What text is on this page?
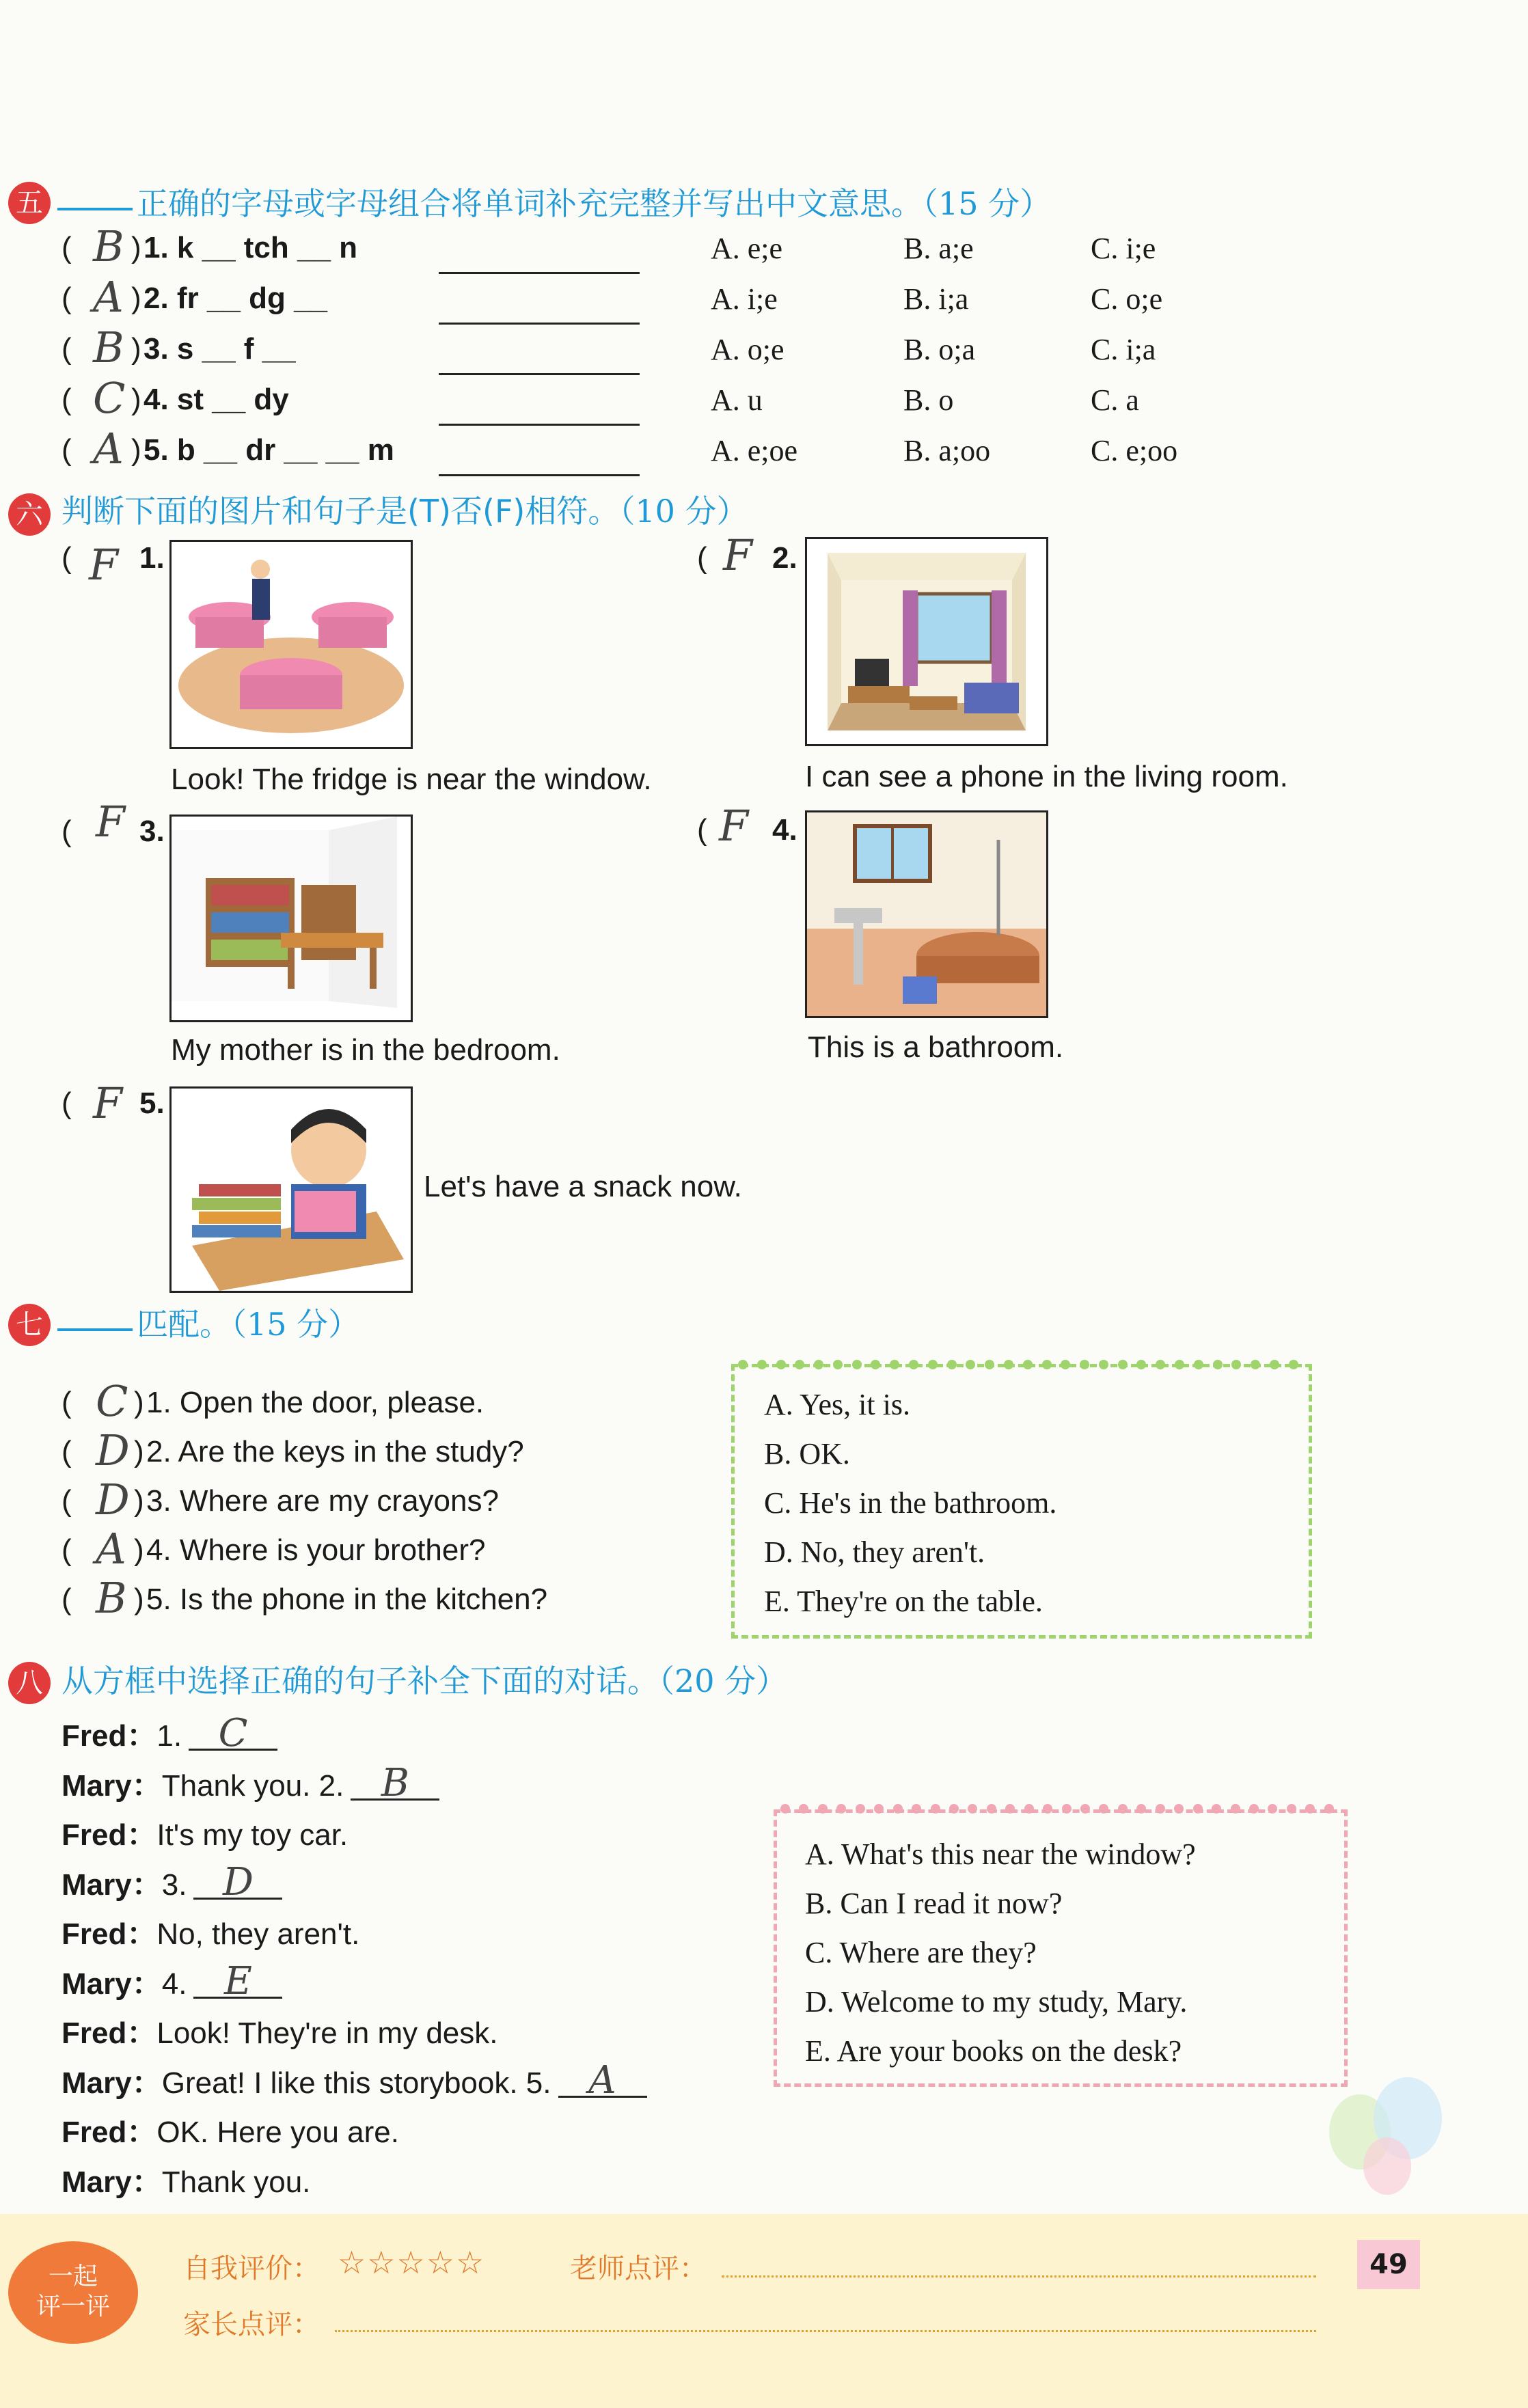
五	正确的字母或字母组合将单词补充完整并写出中文意思。（15 分）
六 判断下面的图片和句子是(T)否(F)相符。（10 分）
( F 1.
Look! The fridge is near the window.
( F 2.
I can see a phone in the living room.
( F 3.
My mother is in the bedroom.
( F 4.
This is a bathroom.
( F 5.
Let's have a snack now.
七	匹配。（15 分）
八 从方框中选择正确的句子补全下面的对话。（20 分）
一起
评一评
自我评价： ☆☆☆☆☆	老师点评：
家长点评：
49
( B ) 1. k __ tch __ n	A. e;e	B. a;e	C. i;e
( A ) 2. fr __ dg __	A. i;e	B. i;a	C. o;e
( B ) 3. s __ f __	A. o;e	B. o;a	C. i;a
( C ) 4. st __ dy	A. u	B. o	C. a
( A ) 5. b __ dr __ __ m	A. e;oe	B. a;oo	C. e;oo
( C ) 1. Open the door, please.
( D ) 2. Are the keys in the study?
( D ) 3. Where are my crayons?
( A ) 4. Where is your brother?
( B ) 5. Is the phone in the kitchen?
A. Yes, it is.
B. OK.
C. He's in the bathroom.
D. No, they aren't.
E. They're on the table.
Fred：1. C
Mary：Thank you. 2. B
Fred：It's my toy car.
Mary：3. D
Fred：No, they aren't.
Mary：4. E
Fred：Look! They're in my desk.
Mary：Great! I like this storybook. 5. A
Fred：OK. Here you are.
Mary：Thank you.
A. What's this near the window?
B. Can I read it now?
C. Where are they?
D. Welcome to my study, Mary.
E. Are your books on the desk?
